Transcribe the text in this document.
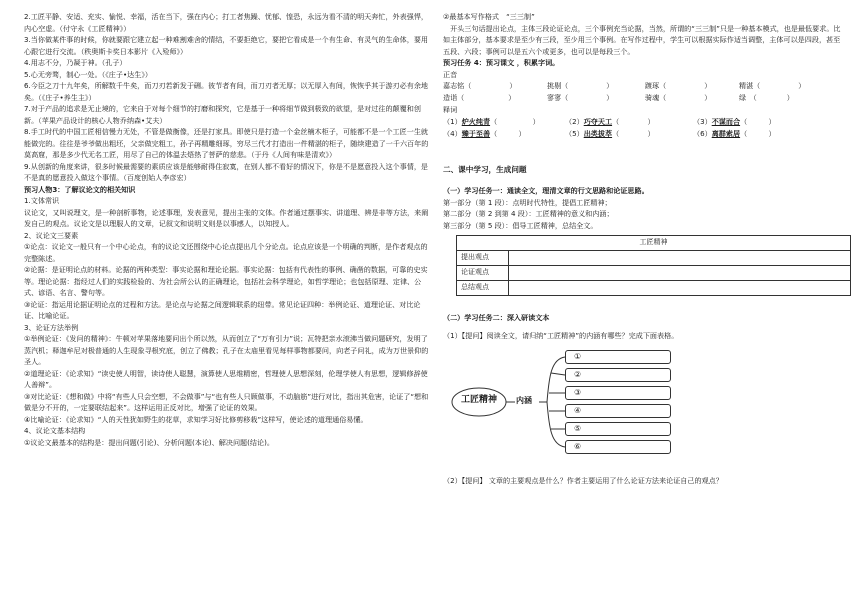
2.工匠平静、安适、充实、愉悦、幸福，活在当下，强在内心；打工者焦躁、忧郁、惶恐，永远为看不清的明天奔忙，外表强悍，内心空虚。（付守永《工匠精神》）
3.当你做某件事的时候，你就要跟它建立起一种难割难舍的情结，不要拒绝它，要把它看成是一个有生命、有灵气的生命体，要用心跟它进行交流。（秩奥斯卡奖日本影片《入殓师》）
4.用志不分，乃凝于神。（孔子）
5.心无旁骛，制心一处。（《庄子•达生》）
6.今臣之刀十九年矣，所解数千牛矣，而刀刃若新发于硎。彼节者有间，而刀刃者无厚；以无厚入有间，恢恢乎其于游刃必有余地矣。（《庄子•养生主》）
7.对于产品的追求是无止境的，它来自于对每个细节的打磨和探究，它是基于一种将细节做到极致的欲望，是对过往的颠覆和创新。（苹果产品设计的核心人物乔纳森•艾夫）
8.手工时代的中国工匠相信慢力无处，不管是做衡像，还是打家具。即使只是打造一个金丝楠木柜子，可能都不是一个工匠一生就能做完的。往往是爷爷做出粗坯，父亲做完粗工，孙子再精雕细琢，穷尽三代才打造出一件精湛的柜子，随续建造了一千六百年的莫高窟，那是多少代无名工匠，用尽了自己的体温去焐热了菩萨的慈悲。（于丹《人间有味是清欢》）
9.从创新的角度来讲，很多时候最需要的素质应该是能够耐得住寂寞，在别人都不看好的情况下，你是不是愿意投入这个事情，是不是真的愿意投入做这个事情。（百度创始人李彦宏）
预习人物3：了解议论文的相关知识
1.文体常识
议论文，又叫说理文，是一种剖析事物，论述事理，发表意见，提出主张的文体。作者通过摆事实、讲道理、辨是非等方法，来阐发自己的观点。议论文是以理服人的文章，记叙文和说明文则是以事感人，以知授人。
2、议论文三要素
①论点：议论文一般只有一个中心论点，有的议论文还围绕中心论点提出几个分论点。论点应该是一个明确的判断，是作者观点的完整陈述。
②论据：是证明论点的材料。论据的两种类型：事实论据和理论论据。事实论据：包括有代表性的事例、确凿的数据，可靠的史实等。理论论据：指经过人们的实践检验的、为社会所公认的正确理论，包括社会科学理论，如哲学理论；也包括原理、定律、公式、谚语、名言、警句等。
③论证：指运用论据证明论点的过程和方法。是论点与论据之间逻辑联系的纽带。常见论证四种：举例论证、道理论证、对比论证、比喻论证。
3、论证方法举例
①举例论证：《发问的精神》：牛顿对苹果落地要问出个所以然，从而创立了“万有引力”说；瓦特把亲水滚沸当做问题研究，发明了蒸汽机；释迦牟尼对极普通的人生现象寻根究底，创立了佛教；孔子在太庙里看见每样事物都要问，向老子问礼，成为万世景仰的圣人。
②道理论证：《论求知》“读史使人明智，读诗使人聪慧，演算使人思维精密，哲理使人思想深刻，伦理学使人有思想，逻辑修辞使人善辩”。
③对比论证：《想和做》中将“有些人只会空想，不会做事”与“也有些人只顾做事，不动脑筋”进行对比，指出其危害，论证了“想和做是分不开的，一定要联结起来”。这样运用正反对比，增强了论证的效果。
④比喻论证：《论求知》“人的天性犹如野生的花草，求知学习好比修剪移栽”这样写，使论述的道理通俗易懂。
4、议论文基本结构
①议论文最基本的结构是：提出问题(引论)、分析问题(本论)、解决问题(结论)。
②最基本写作格式　“三三制”
　开头三句话提出论点，主体三段论证论点，三个事例充当论据，当然，所谓的“三三制”只是一种基本模式，也是最低要求。比如主体部分，基本要求是至少有三段，至少用三个事例。在写作过程中，学生可以根据实际作适当调整，主体可以是四段，甚至五段、六段；事例可以是五六个或更多，也可以是每段三个。
预习任务 4：预习课文 ，积累字词。
正音
嘉志铭（	）	挑剔（	）	踱琢（	）	精湛（	）
造诣（	）	寥寥（	）	骑魂（	）	绿　（	）
释词
（1）炉火纯青（　　　　　）	（2）巧夺天工（　　　　）	（3）不谋而合（　　　）
（4）臻于至善（　　　）	（5）出类拔萃（　　　　）	（6）离群索居（　　　）
二、课中学习，生成问题
（一）学习任务一：通读全文，理清文章的行文思路和论证思路。
第一部分（第 1 段）：点明时代特性，提倡工匠精神；
第二部分（第 2 到第 4 段）：工匠精神的意义和内涵；
第三部分（第 5 段）：倡导工匠精神，总结全文。
工匠精神	
提出观点	
论证观点	
总结观点	
（二）学习任务二：深入研读文本
（1）【提问】阅读全文，请归纳“工匠精神”的内涵有哪些？完成下面表格。
工匠精神	内涵
①
②
③
④
⑤
⑥
（2）【提问】 文章的主要观点是什么？作者主要运用了什么论证方法来论证自己的观点？
